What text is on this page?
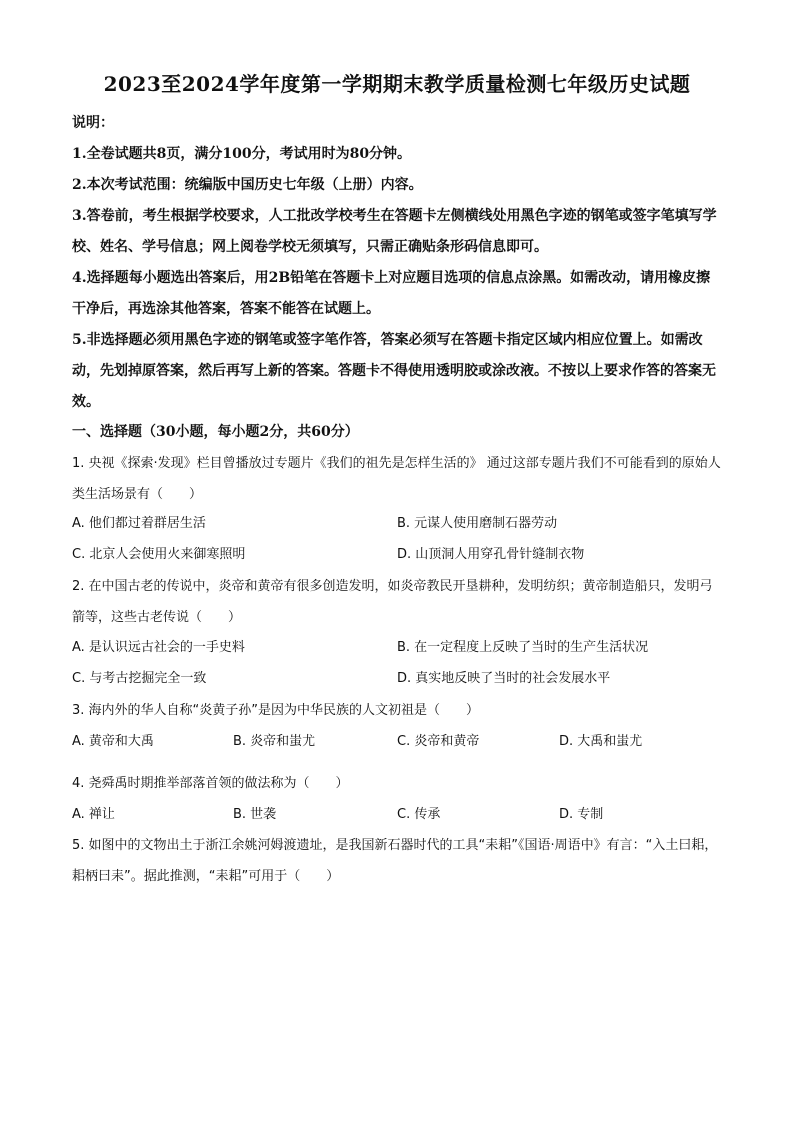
2023至2024学年度第一学期期末教学质量检测七年级历史试题

说明：

1.全卷试题共8页，满分100分，考试用时为80分钟。

2.本次考试范围：统编版中国历史七年级（上册）内容。

3.答卷前，考生根据学校要求，人工批改学校考生在答题卡左侧横线处用黑色字迹的钢笔或签字笔填写学校、姓名、学号信息；网上阅卷学校无须填写，只需正确贴条形码信息即可。

4.选择题每小题选出答案后，用2B铅笔在答题卡上对应题目选项的信息点涂黑。如需改动，请用橡皮擦干净后，再选涂其他答案，答案不能答在试题上。

5.非选择题必须用黑色字迹的钢笔或签字笔作答，答案必须写在答题卡指定区域内相应位置上。如需改动，先划掉原答案，然后再写上新的答案。答题卡不得使用透明胶或涂改液。不按以上要求作答的答案无效。

一、选择题（30小题，每小题2分，共60分）

1. 央视《探索·发现》栏目曾播放过专题片《我们的祖先是怎样生活的》 通过这部专题片我们不可能看到的原始人类生活场景有（　　）

A. 他们都过着群居生活	B. 元谋人使用磨制石器劳动
C. 北京人会使用火来御寒照明	D. 山顶洞人用穿孔骨针缝制衣物

2. 在中国古老的传说中，炎帝和黄帝有很多创造发明，如炎帝教民开垦耕种，发明纺织；黄帝制造船只，发明弓箭等，这些古老传说（　　）

A. 是认识远古社会的一手史料	B. 在一定程度上反映了当时的生产生活状况
C. 与考古挖掘完全一致	D. 真实地反映了当时的社会发展水平

3. 海内外的华人自称“炎黄子孙”是因为中华民族的人文初祖是（　　）

A. 黄帝和大禹	B. 炎帝和蚩尤	C. 炎帝和黄帝	D. 大禹和蚩尤

4. 尧舜禹时期推举部落首领的做法称为（　　）

A. 禅让	B. 世袭	C. 传承	D. 专制

5. 如图中的文物出土于浙江余姚河姆渡遗址，是我国新石器时代的工具“耒耜”《国语·周语中》有言：“入土曰耜，耜柄曰耒”。据此推测，“耒耜”可用于（　　）
